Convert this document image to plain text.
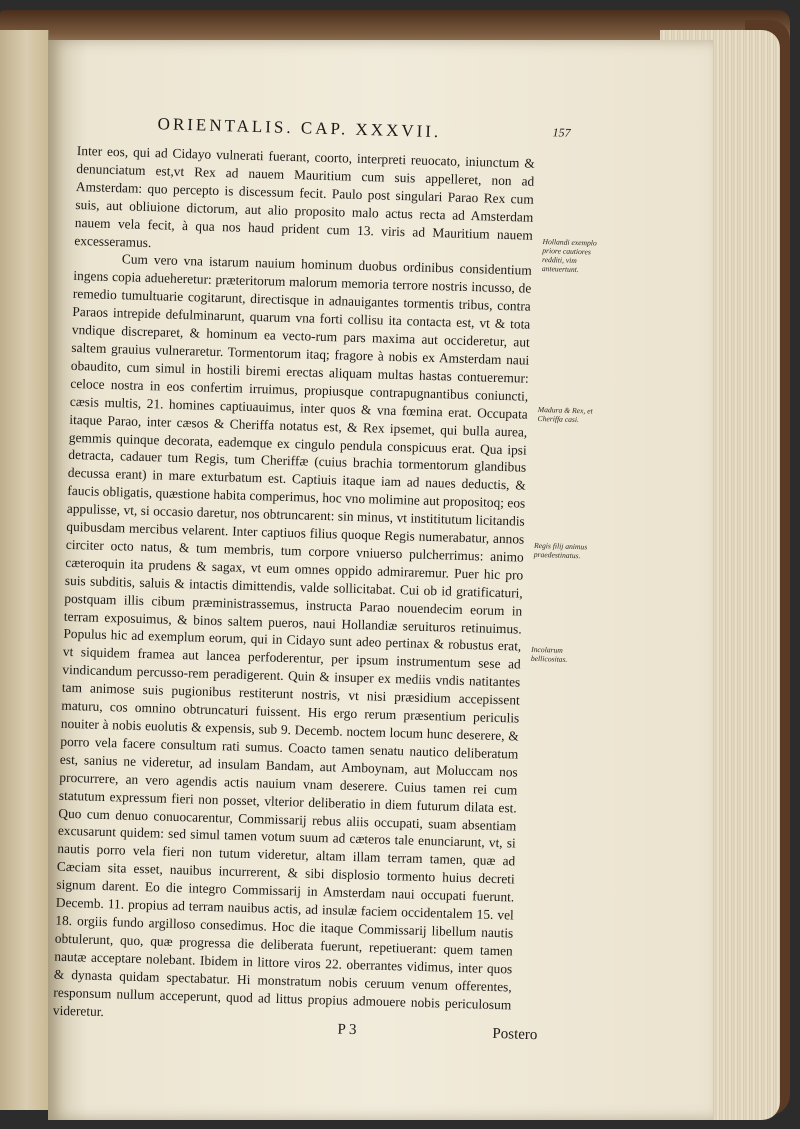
ORIENTALIS. CAP. XXXVII.	157

Inter eos, qui ad Cidayo vulnerati fuerant, coorto, interpreti reuocato, iniunctum & denunciatum est,vt Rex ad nauem Mauritium cum suis appelleret, non ad Amsterdam: quo percepto is discessum fecit. Paulo post singulari Parao Rex cum suis, aut obliuione dictorum, aut alio proposito malo actus recta ad Amsterdam nauem vela fecit, à qua nos haud prident cum 13. viris ad Mauritium nauem excesseramus.

Cum vero vna istarum nauium hominum duobus ordinibus considentium ingens copia adueheretur: præteritorum malorum memoria terrore nostris incusso, de remedio tumultuarie cogitarunt, directisque in adnauigantes tormentis tribus, contra Paraos intrepide defulminarunt, quarum vna forti collisu ita contacta est, vt & tota vndique discreparet, & hominum ea vecto-rum pars maxima aut occideretur, aut saltem grauius vulneraretur. Tormentorum itaq; fragore à nobis ex Amsterdam naui obaudito, cum simul in hostili biremi erectas aliquam multas hastas contueremur: celoce nostra in eos confertim irruimus, propiusque contrapugnantibus coniuncti, cæsis multis, 21. homines captiuauimus, inter quos & vna fœmina erat. Occupata itaque Parao, inter cæsos & Cheriffa notatus est, & Rex ipsemet, qui bulla aurea, gemmis quinque decorata, eademque ex cingulo pendula conspicuus erat. Qua ipsi detracta, cadauer tum Regis, tum Cheriffæ (cuius brachia tormentorum glandibus decussa erant) in mare exturbatum est. Captiuis itaque iam ad naues deductis, & faucis obligatis, quæstione habita comperimus, hoc vno molimine aut propositoq; eos appulisse, vt, si occasio daretur, nos obtruncarent: sin minus, vt instititutum licitandis quibusdam mercibus velarent. Inter captiuos filius quoque Regis numerabatur, annos circiter octo natus, & tum membris, tum corpore vniuerso pulcherrimus: animo cæteroquin ita prudens & sagax, vt eum omnes oppido admiraremur. Puer hic pro suis subditis, saluis & intactis dimittendis, valde sollicitabat. Cui ob id gratificaturi, postquam illis cibum præministrassemus, instructa Parao nouendecim eorum in terram exposuimus, & binos saltem pueros, naui Hollandiæ seruituros retinuimus. Populus hic ad exemplum eorum, qui in Cidayo sunt adeo pertinax & robustus erat, vt siquidem framea aut lancea perfoderentur, per ipsum instrumentum sese ad vindicandum percusso-rem peradigerent. Quin & insuper ex mediis vndis natitantes tam animose suis pugionibus restiterunt nostris, vt nisi præsidium accepissent maturu, cos omnino obtruncaturi fuissent. His ergo rerum præsentium periculis nouiter à nobis euolutis & expensis, sub 9. Decemb. noctem locum hunc deserere, & porro vela facere consultum rati sumus. Coacto tamen senatu nautico deliberatum est, sanius ne videretur, ad insulam Bandam, aut Amboynam, aut Moluccam nos procurrere, an vero agendis actis nauium vnam deserere. Cuius tamen rei cum statutum expressum fieri non posset, vlterior deliberatio in diem futurum dilata est. Quo cum denuo conuocarentur, Commissarij rebus aliis occupati, suam absentiam excusarunt quidem: sed simul tamen votum suum ad cæteros tale enunciarunt, vt, si nautis porro vela fieri non tutum videretur, altam illam terram tamen, quæ ad Cæciam sita esset, nauibus incurrerent, & sibi displosio tormento huius decreti signum darent. Eo die integro Commissarij in Amsterdam naui occupati fuerunt. Decemb. 11. propius ad terram nauibus actis, ad insulæ faciem occidentalem 15. vel 18. orgiis fundo argilloso consedimus. Hoc die itaque Commissarij libellum nautis obtulerunt, quo, quæ progressa die deliberata fuerunt, repetiuerant: quem tamen nautæ acceptare nolebant. Ibidem in littore viros 22. oberrantes vidimus, inter quos & dynasta quidam spectabatur. Hi monstratum nobis ceruum venum offerentes, responsum nullum acceperunt, quod ad littus propius admouere nobis periculosum videretur.

Hollandi exemplo priore cautiores redditi, vim anteuertunt.
Madura & Rex, et Cheriffa casi.
Regis filij animus praedestinatus.
Incolarum bellicositas.
P 3	Postero
